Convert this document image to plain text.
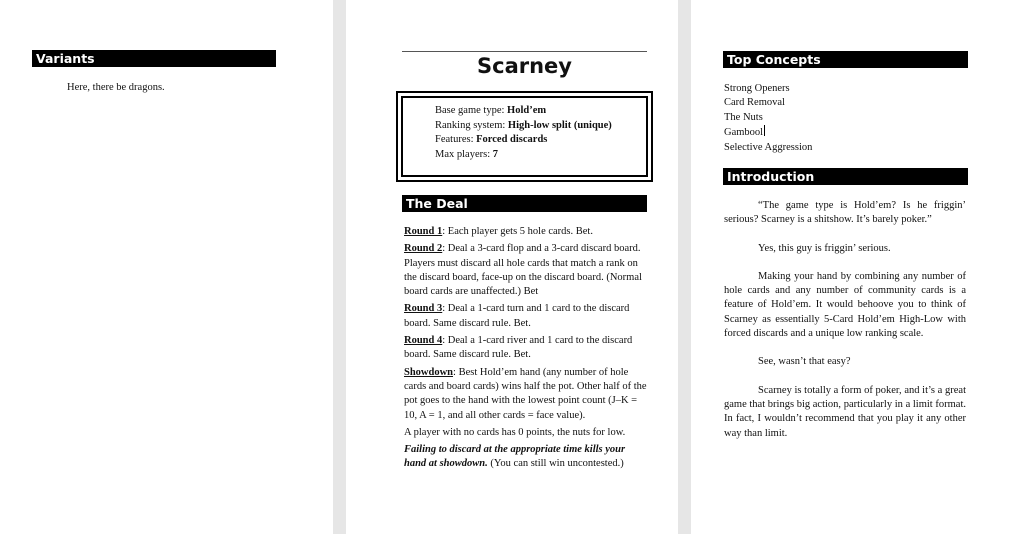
Variants
Here, there be dragons.
Scarney
Base game type: Hold’em
Ranking system: High-low split (unique)
Features: Forced discards
Max players: 7
The Deal

Round 1: Each player gets 5 hole cards. Bet.

Round 2: Deal a 3-card flop and a 3-card discard board. Players must discard all hole cards that match a rank on the discard board, face-up on the discard board. (Normal board cards are unaffected.) Bet

Round 3: Deal a 1-card turn and 1 card to the discard board. Same discard rule. Bet.

Round 4: Deal a 1-card river and 1 card to the discard board. Same discard rule. Bet.

Showdown: Best Hold’em hand (any number of hole cards and board cards) wins half the pot. Other half of the pot goes to the hand with the lowest point count (J–K = 10, A = 1, and all other cards = face value).

A player with no cards has 0 points, the nuts for low.

Failing to discard at the appropriate time kills your hand at showdown. (You can still win uncontested.)

Top Concepts
Strong Openers
Card Removal
The Nuts
Gambool
Selective Aggression
Introduction

“The game type is Hold’em? Is he friggin’ serious? Scarney is a shitshow. It’s barely poker.”

Yes, this guy is friggin’ serious.

Making your hand by combining any number of hole cards and any number of community cards is a feature of Hold’em. It would behoove you to think of Scarney as essentially 5-Card Hold’em High-Low with forced discards and a unique low ranking scale.

See, wasn’t that easy?

Scarney is totally a form of poker, and it’s a great game that brings big action, particularly in a limit format. In fact, I wouldn’t recommend that you play it any other way than limit.
